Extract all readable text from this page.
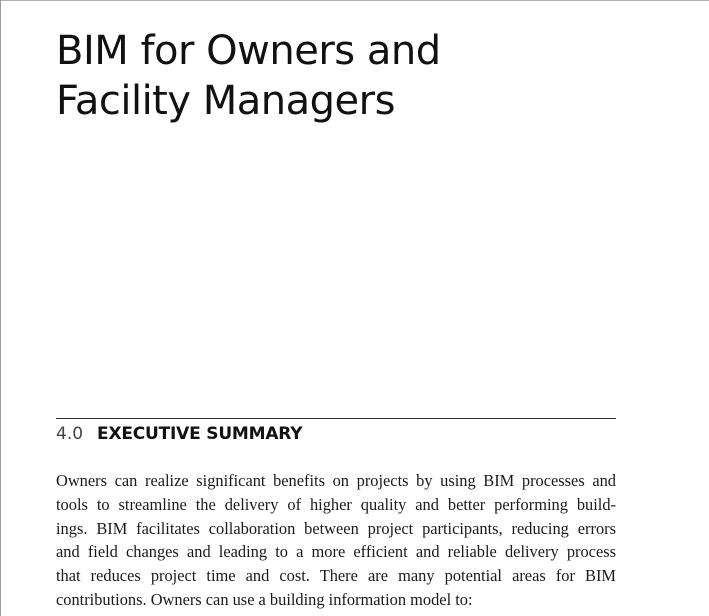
BIM for Owners and
Facility Managers
4.0 EXECUTIVE SUMMARY
Owners can realize significant benefits on projects by using BIM processes and
tools to streamline the delivery of higher quality and better performing build-
ings. BIM facilitates collaboration between project participants, reducing errors
and field changes and leading to a more efficient and reliable delivery process
that reduces project time and cost. There are many potential areas for BIM
contributions. Owners can use a building information model to:
